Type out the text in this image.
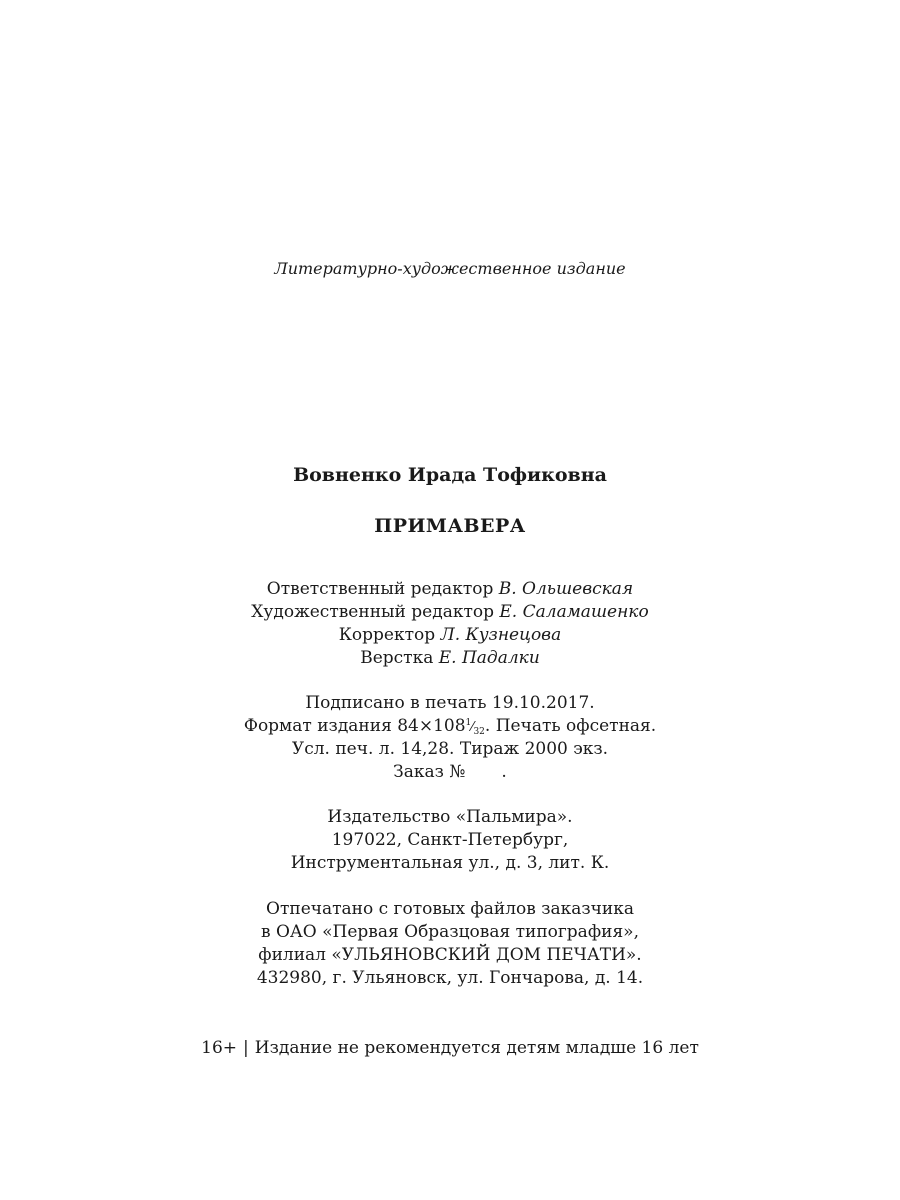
Литературно-художественное издание
Вовненко Ирада Тофиковна
ПРИМАВЕРА
Ответственный редактор В. Ольшевская
Художественный редактор Е. Саламашенко
Корректор Л. Кузнецова
Верстка Е. Падалки
Подписано в печать 19.10.2017.
Формат издания $84\times 108^1⁄_{32}$. Печать офсетная.
Усл. печ. л. 14,28. Тираж 2000 экз.
Заказ № .
Издательство «Пальмира».
197022, Санкт-Петербург,
Инструментальная ул., д. 3, лит. К.
Отпечатано с готовых файлов заказчика
в ОАО «Первая Образцовая типография»,
филиал «УЛЬЯНОВСКИЙ ДОМ ПЕЧАТИ».
432980, г. Ульяновск, ул. Гончарова, д. 14.
16+ | Издание не рекомендуется детям младше 16 лет
